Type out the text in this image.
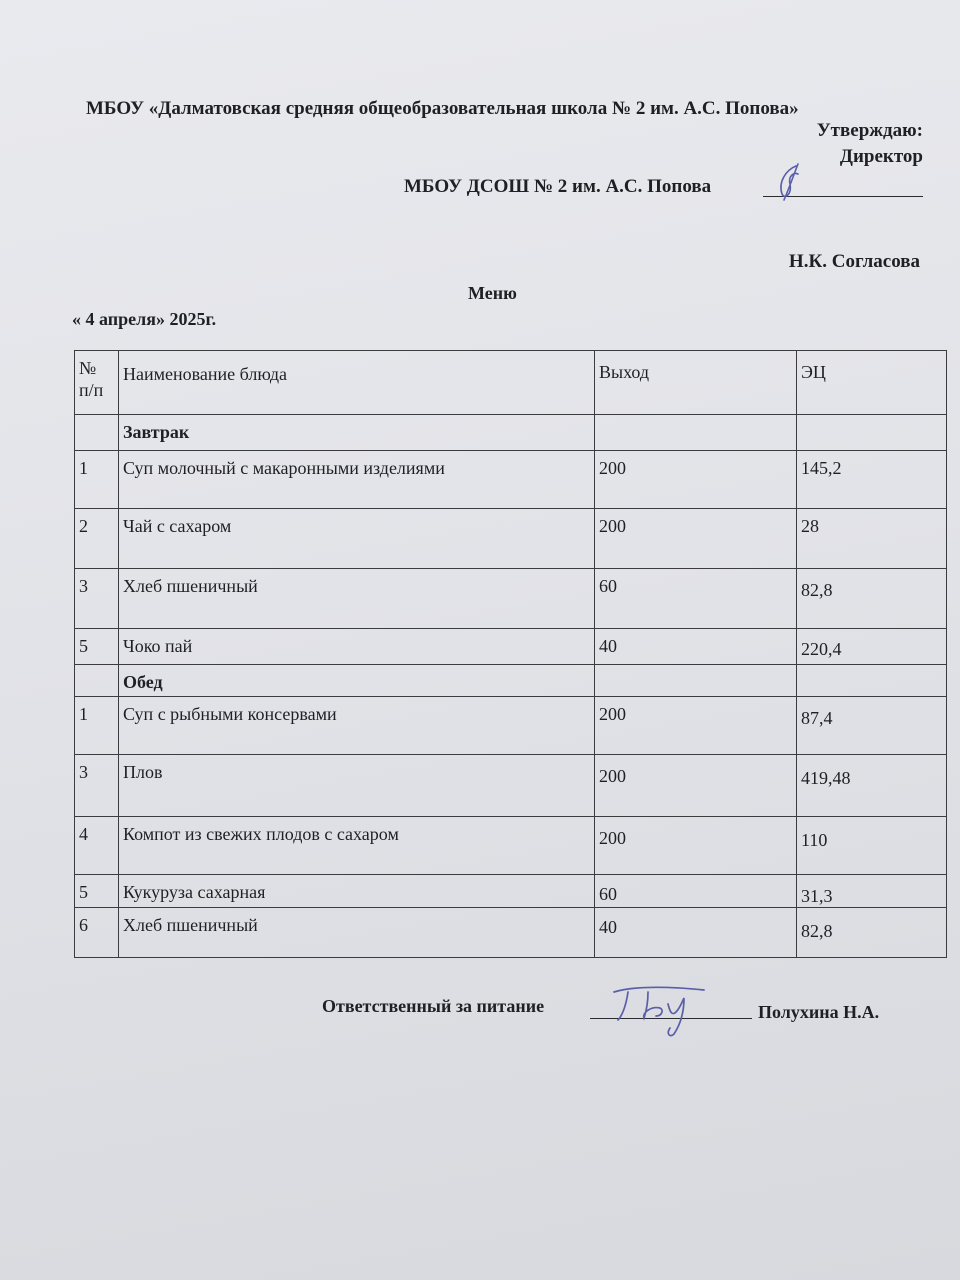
МБОУ «Далматовская средняя общеобразовательная школа № 2 им. А.С. Попова»
Утверждаю:
Директор
МБОУ ДСОШ № 2 им. А.С. Попова
Н.К. Согласова
Меню
« 4 апреля» 2025г.
№ п/п	Наименование блюда	Выход	ЭЦ
	Завтрак		
1	Суп молочный с макаронными изделиями	200	145,2
2	Чай с сахаром	200	28
3	Хлеб пшеничный	60	82,8
5	Чоко пай	40	220,4
	Обед		
1	Суп с рыбными консервами	200	87,4
3	Плов	200	419,48
4	Компот из свежих плодов с сахаром	200	110
5	Кукуруза сахарная	60	31,3
6	Хлеб пшеничный	40	82,8
Ответственный за питание	Полухина Н.А.
